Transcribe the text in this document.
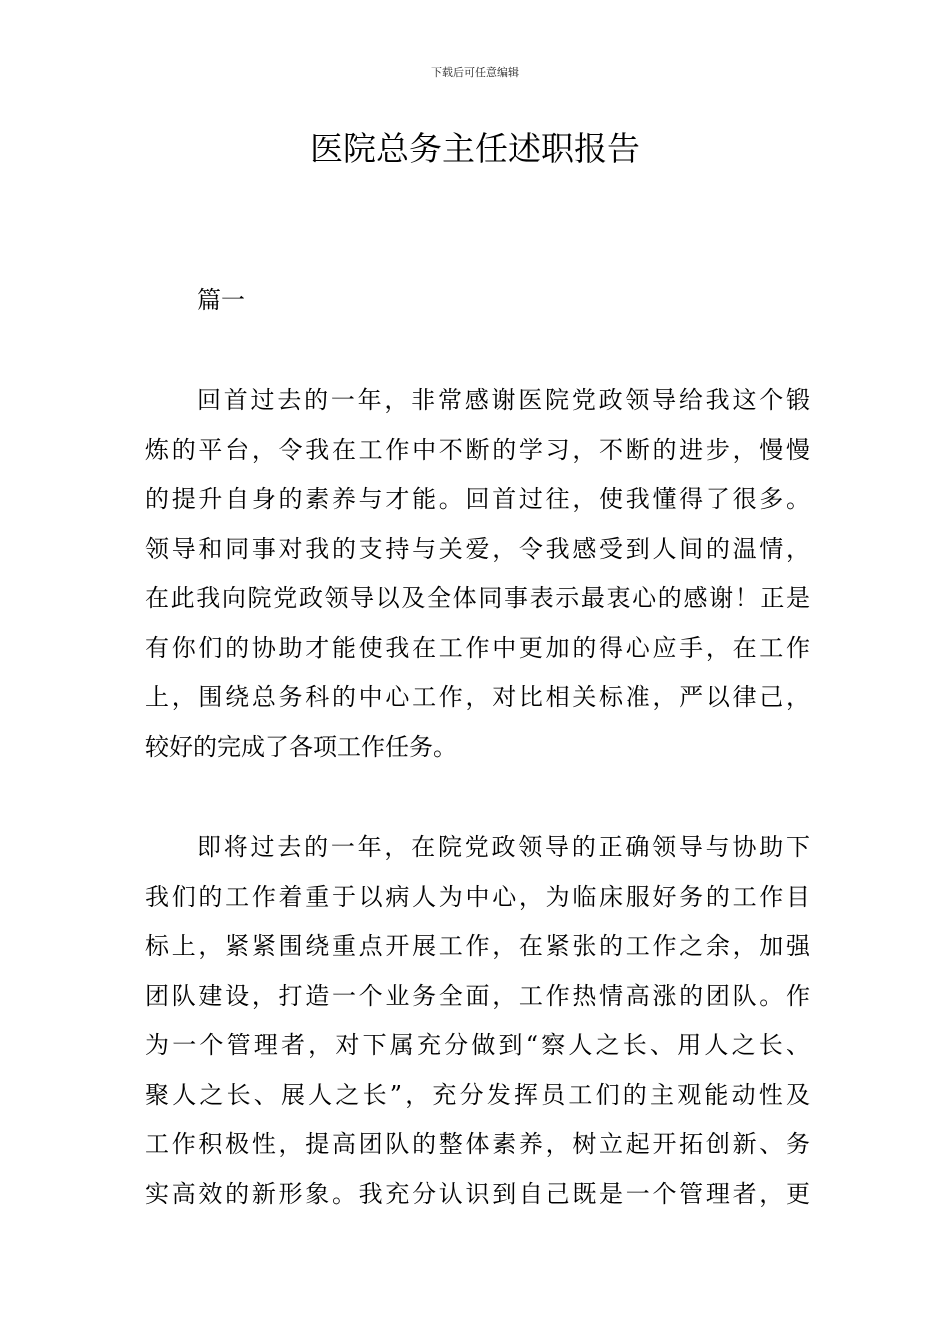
下载后可任意编辑
医院总务主任述职报告
篇一

回首过去的一年，非常感谢医院党政领导给我这个锻
炼的平台，令我在工作中不断的学习，不断的进步，慢慢
的提升自身的素养与才能。回首过往，使我懂得了很多。
领导和同事对我的支持与关爱，令我感受到人间的温情，
在此我向院党政领导以及全体同事表示最衷心的感谢！正是
有你们的协助才能使我在工作中更加的得心应手，在工作
上，围绕总务科的中心工作，对比相关标准，严以律己，
较好的完成了各项工作任务。

即将过去的一年，在院党政领导的正确领导与协助下
我们的工作着重于以病人为中心，为临床服好务的工作目
标上，紧紧围绕重点开展工作，在紧张的工作之余，加强
团队建设，打造一个业务全面，工作热情高涨的团队。作
为一个管理者，对下属充分做到“察人之长、用人之长、
聚人之长、展人之长”，充分发挥员工们的主观能动性及
工作积极性，提高团队的整体素养，树立起开拓创新、务
实高效的新形象。我充分认识到自己既是一个管理者，更
